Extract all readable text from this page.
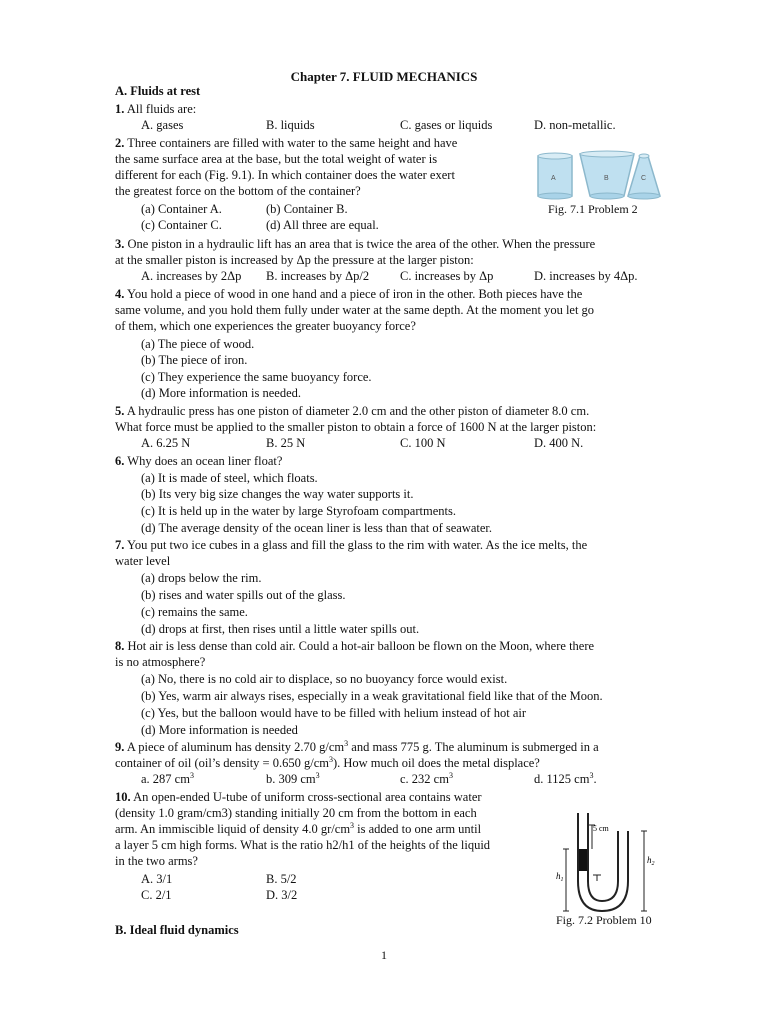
Chapter 7. FLUID MECHANICS
A. Fluids at rest
1. All fluids are:
A. gases	B. liquids	C. gases or liquids	D. non-metallic.
2. Three containers are filled with water to the same height and have
the same surface area at the base, but the total weight of water is
different for each (Fig. 9.1). In which container does the water exert
the greatest force on the bottom of the container?
(a) Container A.	(b) Container B.
(c) Container C.	(d) All three are equal.
A	B	C
Fig. 7.1 Problem 2
3. One piston in a hydraulic lift has an area that is twice the area of the other. When the pressure
at the smaller piston is increased by Δp the pressure at the larger piston:
A. increases by 2Δp B. increases by Δp/2 C. increases by Δp	D. increases by 4Δp.
4. You hold a piece of wood in one hand and a piece of iron in the other. Both pieces have the
same volume, and you hold them fully under water at the same depth. At the moment you let go
of them, which one experiences the greater buoyancy force?
(a) The piece of wood.
(b) The piece of iron.
(c) They experience the same buoyancy force.
(d) More information is needed.
5. A hydraulic press has one piston of diameter 2.0 cm and the other piston of diameter 8.0 cm.
What force must be applied to the smaller piston to obtain a force of 1600 N at the larger piston:
A. 6.25 N	B. 25 N	C. 100 N	D. 400 N.
6. Why does an ocean liner float?
(a) It is made of steel, which floats.
(b) Its very big size changes the way water supports it.
(c) It is held up in the water by large Styrofoam compartments.
(d) The average density of the ocean liner is less than that of seawater.
7. You put two ice cubes in a glass and fill the glass to the rim with water. As the ice melts, the
water level
(a) drops below the rim.
(b) rises and water spills out of the glass.
(c) remains the same.
(d) drops at first, then rises until a little water spills out.
8. Hot air is less dense than cold air. Could a hot-air balloon be flown on the Moon, where there
is no atmosphere?
(a) No, there is no cold air to displace, so no buoyancy force would exist.
(b) Yes, warm air always rises, especially in a weak gravitational field like that of the Moon.
(c) Yes, but the balloon would have to be filled with helium instead of hot air
(d) More information is needed
9. A piece of aluminum has density 2.70 $g/cm^3$ and mass 775 g. The aluminum is submerged in a
container of oil (oil’s density = 0.650 $g/cm^3$). How much oil does the metal displace?
a. 287 $cm^3$	b. 309 $cm^3$	c. 232 $cm^3$	d. 1125 $cm^3$.
10. An open-ended U-tube of uniform cross-sectional area contains water
(density 1.0 gram/cm3) standing initially 20 cm from the bottom in each
arm. An immiscible liquid of density 4.0 $gr/cm^3$ is added to one arm until
a layer 5 cm high forms. What is the ratio h2/h1 of the heights of the liquid
in the two arms?
A. 3/1	B. 5/2
C. 2/1	D. 3/2
5 cm
$h_1$
$h_2$
Fig. 7.2 Problem 10
B. Ideal fluid dynamics
1
